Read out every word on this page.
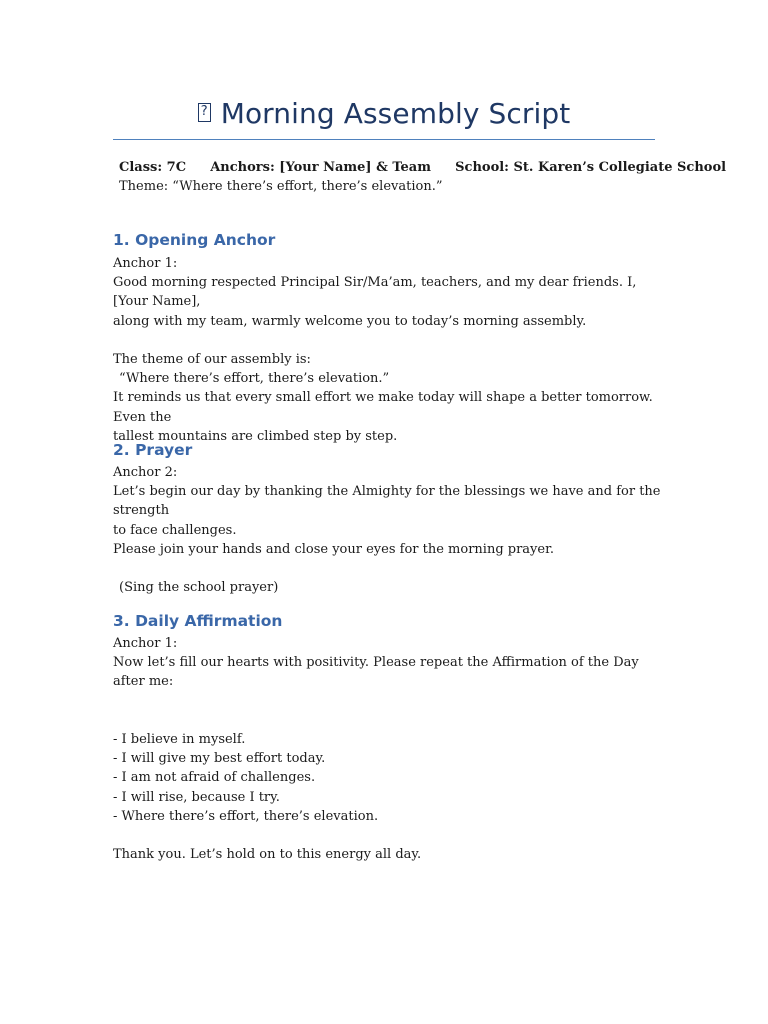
?Morning Assembly Script
Class: 7C Anchors: [Your Name] & Team School: St. Karen’s Collegiate School
Theme: “Where there’s effort, there’s elevation.”
1. Opening Anchor

Anchor 1:

Good morning respected Principal Sir/Ma’am, teachers, and my dear friends. I, [Your Name],

along with my team, warmly welcome you to today’s morning assembly.

The theme of our assembly is:

“Where there’s effort, there’s elevation.”

It reminds us that every small effort we make today will shape a better tomorrow. Even the

tallest mountains are climbed step by step.

2. Prayer

Anchor 2:

Let’s begin our day by thanking the Almighty for the blessings we have and for the strength

to face challenges.

Please join your hands and close your eyes for the morning prayer.

(Sing the school prayer)

3. Daily Affirmation

Anchor 1:

Now let’s fill our hearts with positivity. Please repeat the Affirmation of the Day after me:

- I believe in myself.

- I will give my best effort today.

- I am not afraid of challenges.

- I will rise, because I try.

- Where there’s effort, there’s elevation.

Thank you. Let’s hold on to this energy all day.
